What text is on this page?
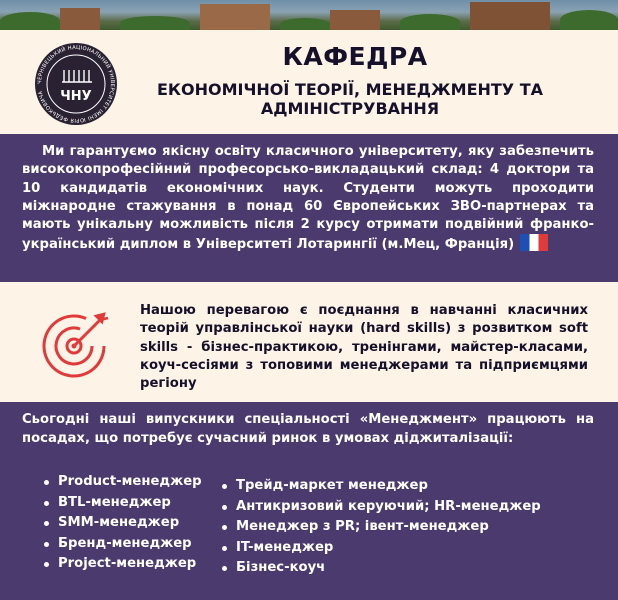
ЧЕРНІВЕЦЬКИЙ НАЦІОНАЛЬНИЙ УНІВЕРСИТЕТ ІМЕНІ ЮРІЯ ФЕДЬКОВИЧА	ЧНУ
КАФЕДРА
ЕКОНОМІЧНОЇ ТЕОРІЇ, МЕНЕДЖМЕНТУ ТА АДМІНІСТРУВАННЯ

Ми гарантуємо якісну освіту класичного університету, яку забезпечить висококопрофесійний професорсько-викладацький склад: 4 доктори та 10 кандидатів економічних наук. Студенти можуть проходити міжнародне стажування в понад 60 Європейських ЗВО-партнерах та мають унікальну можливість після 2 курсу отримати подвійний франко-український диплом в Університеті Лотарингії (м.Мец, Франція)

Нашою перевагою є поєднання в навчанні класичних теорій управлінської науки (hard skills) з розвитком soft skills - бізнес-практикою, тренінгами, майстер-класами, коуч-сесіями з топовими менеджерами та підприємцями регіону

Сьогодні наші випускники спеціальності «Менеджмент» працюють на посадах, що потребує сучасний ринок в умовах діджиталізації:

Product-менеджер
BTL-менеджер
SMM-менеджер
Бренд-менеджер
Project-менеджер
Трейд-маркет менеджер
Антикризовий керуючий; HR-менеджер
Менеджер з PR; івент-менеджер
IT-менеджер
Бізнес-коуч
